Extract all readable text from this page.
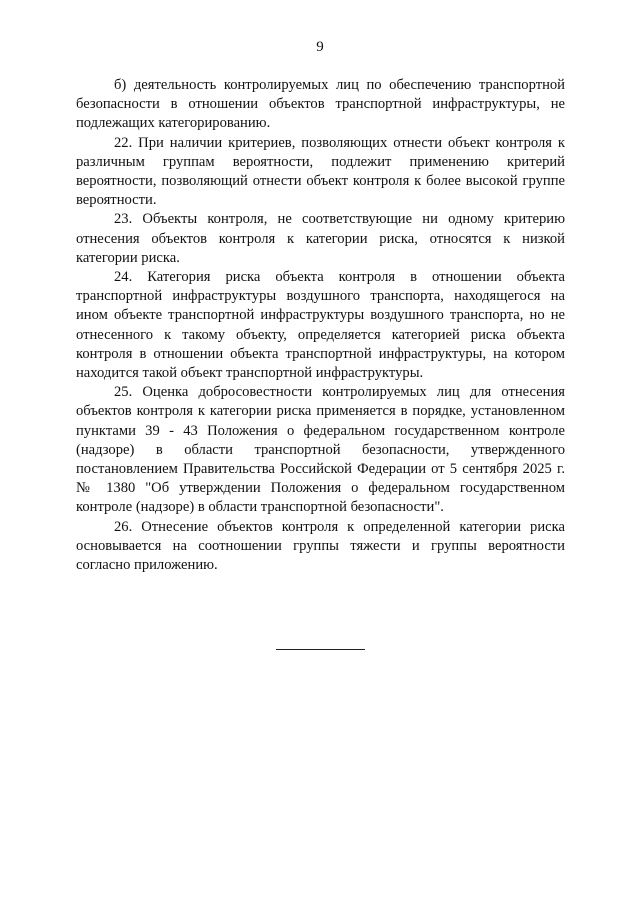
9

б) деятельность контролируемых лиц по обеспечению транспортной безопасности в отношении объектов транспортной инфраструктуры, не подлежащих категорированию.

22. При наличии критериев, позволяющих отнести объект контроля к различным группам вероятности, подлежит применению критерий вероятности, позволяющий отнести объект контроля к более высокой группе вероятности.

23. Объекты контроля, не соответствующие ни одному критерию отнесения объектов контроля к категории риска, относятся к низкой категории риска.

24. Категория риска объекта контроля в отношении объекта транспортной инфраструктуры воздушного транспорта, находящегося на ином объекте транспортной инфраструктуры воздушного транспорта, но не отнесенного к такому объекту, определяется категорией риска объекта контроля в отношении объекта транспортной инфраструктуры, на котором находится такой объект транспортной инфраструктуры.

25. Оценка добросовестности контролируемых лиц для отнесения объектов контроля к категории риска применяется в порядке, установленном пунктами 39 - 43 Положения о федеральном государственном контроле (надзоре) в области транспортной безопасности, утвержденного постановлением Правительства Российской Федерации от 5 сентября 2025 г. № 1380 "Об утверждении Положения о федеральном государственном контроле (надзоре) в области транспортной безопасности".

26. Отнесение объектов контроля к определенной категории риска основывается на соотношении группы тяжести и группы вероятности согласно приложению.
